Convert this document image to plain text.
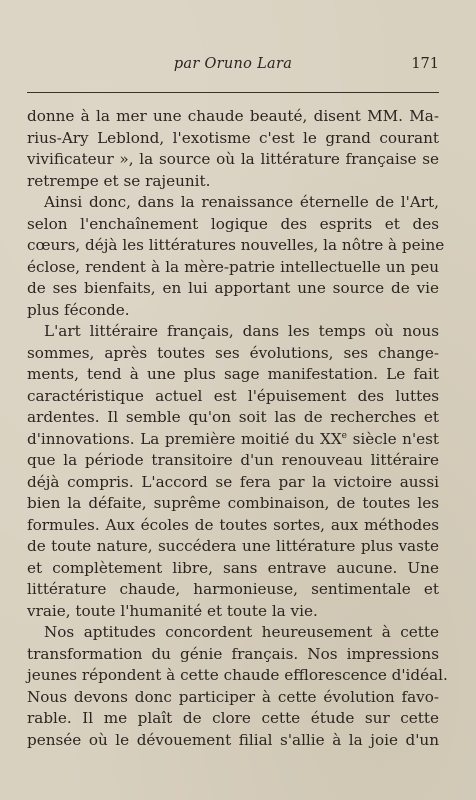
par Oruno Lara	171
donne à la mer une chaude beauté, disent MM. Ma-
rius-Ary Leblond, l'exotisme c'est le grand courant
vivificateur », la source où la littérature française se
retrempe et se rajeunit.
Ainsi donc, dans la renaissance éternelle de l'Art,
selon l'enchaînement logique des esprits et des
cœurs, déjà les littératures nouvelles, la nôtre à peine
éclose, rendent à la mère-patrie intellectuelle un peu
de ses bienfaits, en lui apportant une source de vie
plus féconde.
L'art littéraire français, dans les temps où nous
sommes, après toutes ses évolutions, ses change-
ments, tend à une plus sage manifestation. Le fait
caractéristique actuel est l'épuisement des luttes
ardentes. Il semble qu'on soit las de recherches et
d'innovations. La première moitié du XXe siècle n'est
que la période transitoire d'un renouveau littéraire
déjà compris. L'accord se fera par la victoire aussi
bien la défaite, suprême combinaison, de toutes les
formules. Aux écoles de toutes sortes, aux méthodes
de toute nature, succédera une littérature plus vaste
et complètement libre, sans entrave aucune. Une
littérature chaude, harmonieuse, sentimentale et
vraie, toute l'humanité et toute la vie.
Nos aptitudes concordent heureusement à cette
transformation du génie français. Nos impressions
jeunes répondent à cette chaude efflorescence d'idéal.
Nous devons donc participer à cette évolution favo-
rable. Il me plaît de clore cette étude sur cette
pensée où le dévouement filial s'allie à la joie d'un
